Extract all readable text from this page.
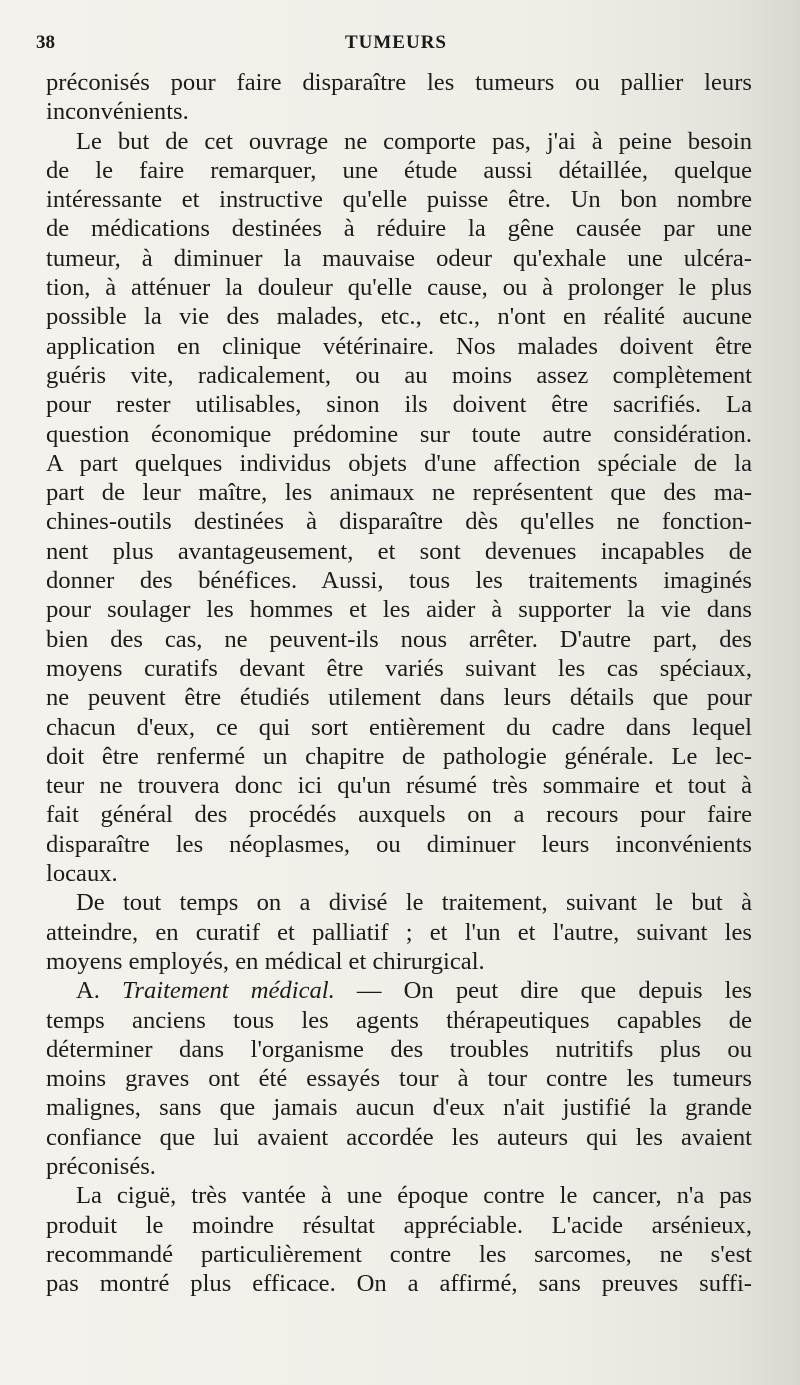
38	TUMEURS
préconisés pour faire disparaître les tumeurs ou pallier leurs
inconvénients.
Le but de cet ouvrage ne comporte pas, j'ai à peine besoin
de le faire remarquer, une étude aussi détaillée, quelque
intéressante et instructive qu'elle puisse être. Un bon nombre
de médications destinées à réduire la gêne causée par une
tumeur, à diminuer la mauvaise odeur qu'exhale une ulcéra-
tion, à atténuer la douleur qu'elle cause, ou à prolonger le plus
possible la vie des malades, etc., etc., n'ont en réalité aucune
application en clinique vétérinaire. Nos malades doivent être
guéris vite, radicalement, ou au moins assez complètement
pour rester utilisables, sinon ils doivent être sacrifiés. La
question économique prédomine sur toute autre considération.
A part quelques individus objets d'une affection spéciale de la
part de leur maître, les animaux ne représentent que des ma-
chines-outils destinées à disparaître dès qu'elles ne fonction-
nent plus avantageusement, et sont devenues incapables de
donner des bénéfices. Aussi, tous les traitements imaginés
pour soulager les hommes et les aider à supporter la vie dans
bien des cas, ne peuvent-ils nous arrêter. D'autre part, des
moyens curatifs devant être variés suivant les cas spéciaux,
ne peuvent être étudiés utilement dans leurs détails que pour
chacun d'eux, ce qui sort entièrement du cadre dans lequel
doit être renfermé un chapitre de pathologie générale. Le lec-
teur ne trouvera donc ici qu'un résumé très sommaire et tout à
fait général des procédés auxquels on a recours pour faire
disparaître les néoplasmes, ou diminuer leurs inconvénients
locaux.
De tout temps on a divisé le traitement, suivant le but à
atteindre, en curatif et palliatif ; et l'un et l'autre, suivant les
moyens employés, en médical et chirurgical.
A. Traitement médical. — On peut dire que depuis les
temps anciens tous les agents thérapeutiques capables de
déterminer dans l'organisme des troubles nutritifs plus ou
moins graves ont été essayés tour à tour contre les tumeurs
malignes, sans que jamais aucun d'eux n'ait justifié la grande
confiance que lui avaient accordée les auteurs qui les avaient
préconisés.
La ciguë, très vantée à une époque contre le cancer, n'a pas
produit le moindre résultat appréciable. L'acide arsénieux,
recommandé particulièrement contre les sarcomes, ne s'est
pas montré plus efficace. On a affirmé, sans preuves suffi-
